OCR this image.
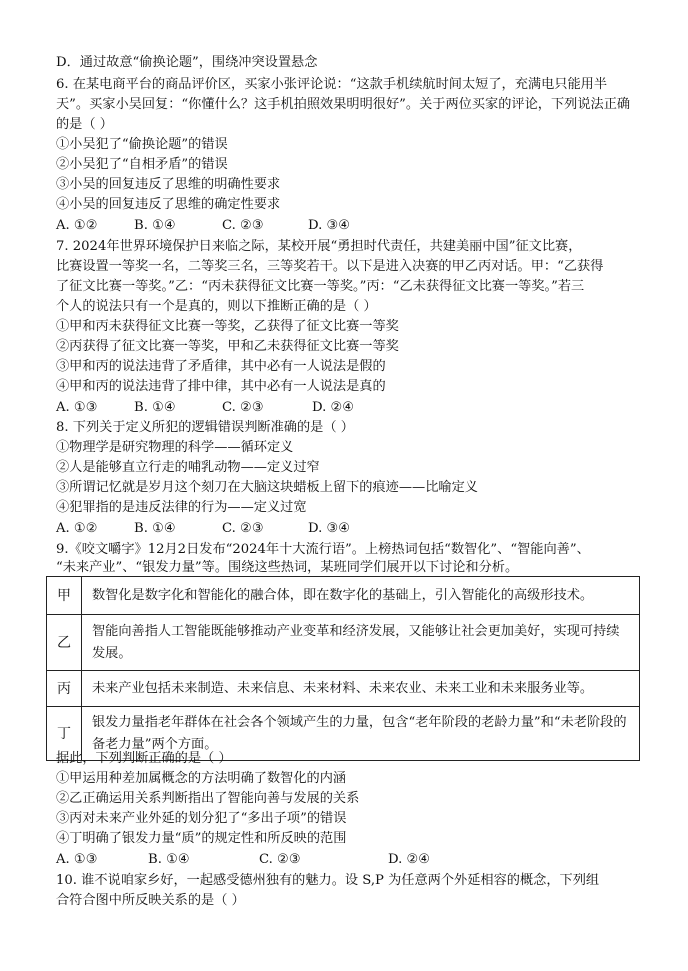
D．通过故意“偷换论题”，围绕冲突设置悬念
6. 在某电商平台的商品评价区，买家小张评论说：“这款手机续航时间太短了，充满电只能用半
天”。买家小吴回复：“你懂什么？这手机拍照效果明明很好”。关于两位买家的评论，下列说法正确
的是（ ）
①小吴犯了“偷换论题”的错误
②小吴犯了“自相矛盾”的错误
③小吴的回复违反了思维的明确性要求
④小吴的回复违反了思维的确定性要求
A. ①②	B. ①④	C. ②③	D. ③④
7. 2024年世界环境保护日来临之际，某校开展“勇担时代责任，共建美丽中国”征文比赛，
比赛设置一等奖一名，二等奖三名，三等奖若干。以下是进入决赛的甲乙丙对话。甲：“乙获得
了征文比赛一等奖。”乙：“丙未获得征文比赛一等奖。”丙：“乙未获得征文比赛一等奖。”若三
个人的说法只有一个是真的，则以下推断正确的是（ ）
①甲和丙未获得征文比赛一等奖，乙获得了征文比赛一等奖
②丙获得了征文比赛一等奖，甲和乙未获得征文比赛一等奖
③甲和丙的说法违背了矛盾律，其中必有一人说法是假的
④甲和丙的说法违背了排中律，其中必有一人说法是真的
A. ①③	B. ①④	C. ②③	D. ②④
8. 下列关于定义所犯的逻辑错误判断准确的是（ ）
①物理学是研究物理的科学——循环定义
②人是能够直立行走的哺乳动物——定义过窄
③所谓记忆就是岁月这个刻刀在大脑这块蜡板上留下的痕迹——比喻定义
④犯罪指的是违反法律的行为——定义过宽
A. ①②	B. ①④	C. ②③	D. ③④
9.《咬文嚼字》12月2日发布“2024年十大流行语”。上榜热词包括“数智化”、“智能向善”、
“未来产业”、“银发力量”等。围绕这些热词，某班同学们展开以下讨论和分析。
甲	数智化是数字化和智能化的融合体，即在数字化的基础上，引入智能化的高级形技术。
乙	智能向善指人工智能既能够推动产业变革和经济发展，又能够让社会更加美好，实现可持续发展。
丙	未来产业包括未来制造、未来信息、未来材料、未来农业、未来工业和未来服务业等。
丁	银发力量指老年群体在社会各个领域产生的力量，包含“老年阶段的老龄力量”和“未老阶段的备老力量”两个方面。
据此，下列判断正确的是（ ）
①甲运用种差加属概念的方法明确了数智化的内涵
②乙正确运用关系判断指出了智能向善与发展的关系
③丙对未来产业外延的划分犯了“多出子项”的错误
④丁明确了银发力量“质”的规定性和所反映的范围
A. ①③	B. ①④	C. ②③	D. ②④
10. 谁不说咱家乡好，一起感受德州独有的魅力。设 S,P 为任意两个外延相容的概念，下列组
合符合图中所反映关系的是（ ）
